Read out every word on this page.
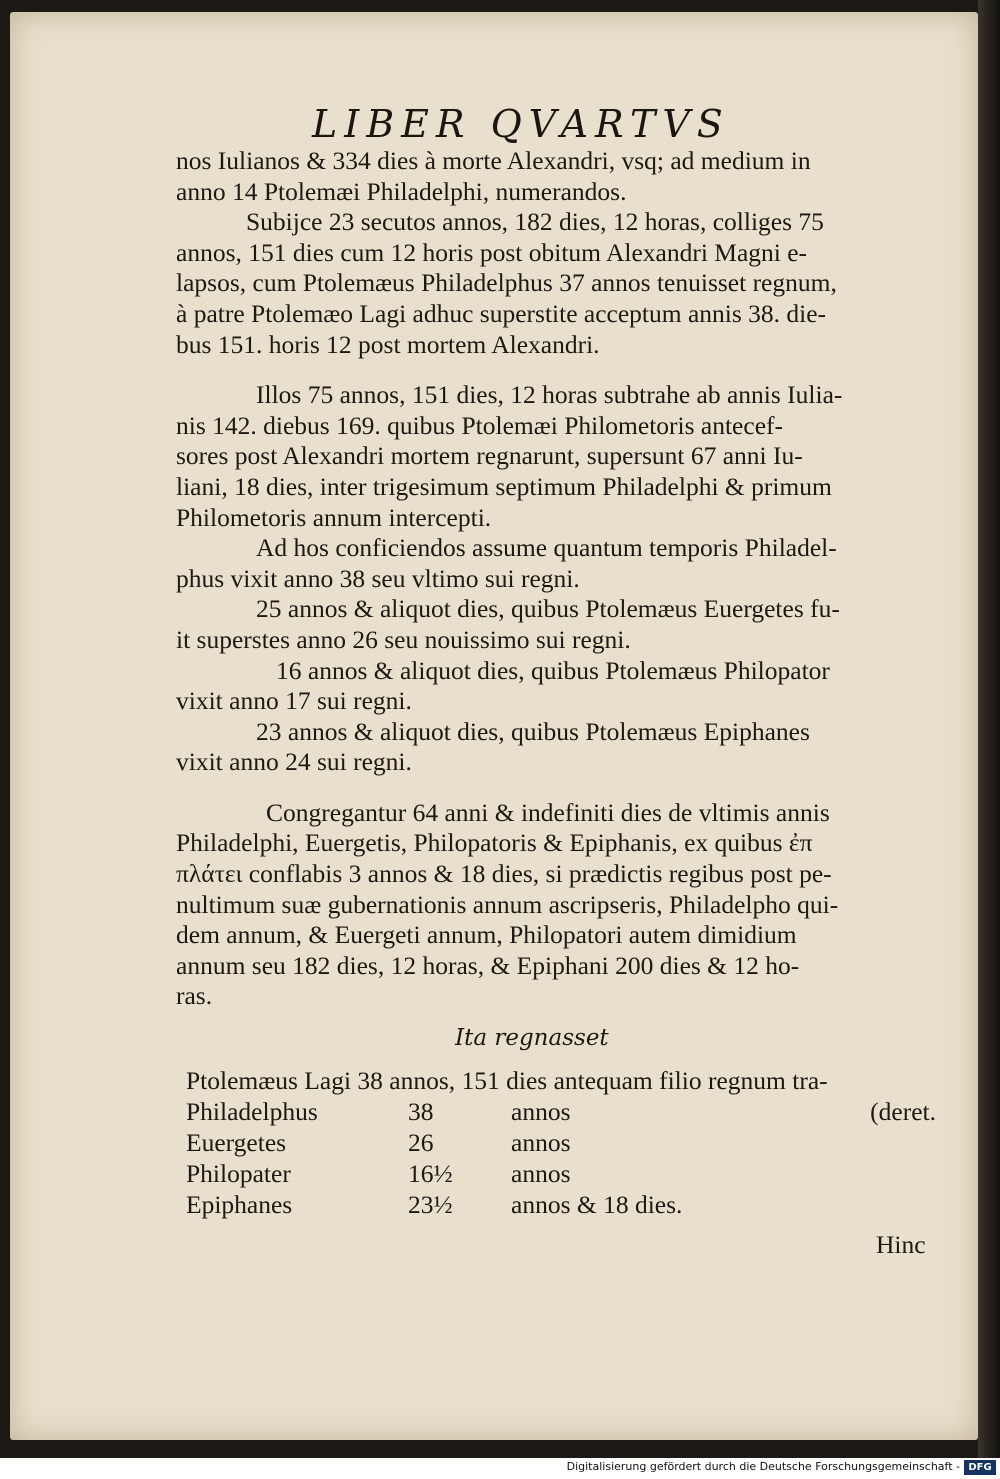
LIBER QVARTVS
nos Iulianos & 334 dies à morte Alexandri, vsq; ad medium in
anno 14 Ptolemæi Philadelphi, numerandos.
Subijce 23 secutos annos, 182 dies, 12 horas, colliges 75
annos, 151 dies cum 12 horis post obitum Alexandri Magni e-
lapsos, cum Ptolemæus Philadelphus 37 annos tenuisset regnum,
à patre Ptolemæo Lagi adhuc superstite acceptum annis 38. die-
bus 151. horis 12 post mortem Alexandri.
Illos 75 annos, 151 dies, 12 horas subtrahe ab annis Iulia-
nis 142. diebus 169. quibus Ptolemæi Philometoris antecef-
sores post Alexandri mortem regnarunt, supersunt 67 anni Iu-
liani, 18 dies, inter trigesimum septimum Philadelphi & primum
Philometoris annum intercepti.
Ad hos conficiendos assume quantum temporis Philadel-
phus vixit anno 38 seu vltimo sui regni.
25 annos & aliquot dies, quibus Ptolemæus Euergetes fu-
it superstes anno 26 seu nouissimo sui regni.
16 annos & aliquot dies, quibus Ptolemæus Philopator
vixit anno 17 sui regni.
23 annos & aliquot dies, quibus Ptolemæus Epiphanes
vixit anno 24 sui regni.
Congregantur 64 anni & indefiniti dies de vltimis annis
Philadelphi, Euergetis, Philopatoris & Epiphanis, ex quibus ἐπ
πλάτει conflabis 3 annos & 18 dies, si prædictis regibus post pe-
nultimum suæ gubernationis annum ascripseris, Philadelpho qui-
dem annum, & Euergeti annum, Philopatori autem dimidium
annum seu 182 dies, 12 horas, & Epiphani 200 dies & 12 ho-
ras.
Ita regnasset
Ptolemæus Lagi 38 annos, 151 dies antequam filio regnum tra-
Philadelphus	38	annos	(deret.
Euergetes	26	annos
Philopater	16½ annos
Epiphanes	23½ annos & 18 dies.
Hinc
Digitalisierung gefördert durch die Deutsche Forschungsgemeinschaft - DFG
